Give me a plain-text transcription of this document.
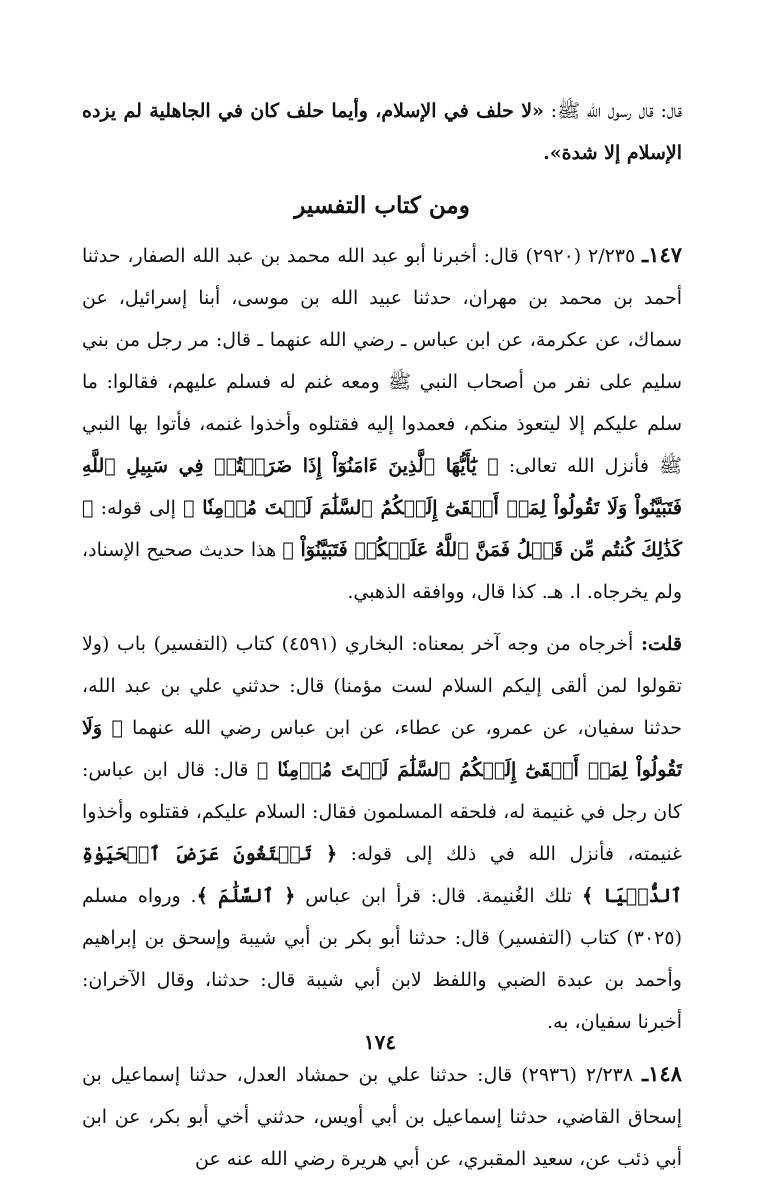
قال: قال رسول الله ﷺ: «لا حلف في الإسلام، وأيما حلف كان في الجاهلية لم يزده الإسلام إلا شدة».

ومن كتاب التفسير

١٤٧ـ ٢/٢٣٥ (٢٩٢٠) قال: أخبرنا أبو عبد الله محمد بن عبد الله الصفار، حدثنا أحمد بن محمد بن مهران، حدثنا عبيد الله بن موسى، أبنا إسرائيل، عن سماك، عن عكرمة، عن ابن عباس ـ رضي الله عنهما ـ قال: مر رجل من بني سليم على نفر من أصحاب النبي ﷺ ومعه غنم له فسلم عليهم، فقالوا: ما سلم عليكم إلا ليتعوذ منكم، فعمدوا إليه فقتلوه وأخذوا غنمه، فأتوا بها النبي ﷺ فأنزل الله تعالى: ﴿ يَٰٓأَيُّهَا ٱلَّذِينَ ءَامَنُوٓاْ إِذَا ضَرَبۡتُمۡ فِي سَبِيلِ ٱللَّهِ فَتَبَيَّنُواْ وَلَا تَقُولُواْ لِمَنۡ أَلۡقَىٰٓ إِلَيۡكُمُ ٱلسَّلَٰمَ لَسۡتَ مُؤۡمِنٗا ﴾ إلى قوله: ﴿ كَذَٰلِكَ كُنتُم مِّن قَبۡلُ فَمَنَّ ٱللَّهُ عَلَيۡكُمۡ فَتَبَيَّنُوٓاْ ﴾ هذا حديث صحيح الإسناد، ولم يخرجاه. ا. هـ. كذا قال، ووافقه الذهبي.

قلت: أخرجاه من وجه آخر بمعناه: البخاري (٤٥٩١) كتاب (التفسير) باب (ولا تقولوا لمن ألقى إليكم السلام لست مؤمنا) قال: حدثني علي بن عبد الله، حدثنا سفيان، عن عمرو، عن عطاء، عن ابن عباس رضي الله عنهما ﴿ وَلَا تَقُولُواْ لِمَنۡ أَلۡقَىٰٓ إِلَيۡكُمُ ٱلسَّلَٰمَ لَسۡتَ مُؤۡمِنٗا ﴾ قال: قال ابن عباس: كان رجل في غنيمة له، فلحقه المسلمون فقال: السلام عليكم، فقتلوه وأخذوا غنيمته، فأنزل الله في ذلك إلى قوله: ﴿ تَبۡتَغُونَ عَرَضَ ٱلۡحَيَوٰةِ ٱلدُّنۡيَا ﴾ تلك الغُنيمة. قال: قرأ ابن عباس ﴿ ٱلسَّلَٰمَ ﴾. ورواه مسلم (٣٠٢٥) كتاب (التفسير) قال: حدثنا أبو بكر بن أبي شيبة وإسحق بن إبراهيم وأحمد بن عبدة الضبي واللفظ لابن أبي شيبة قال: حدثنا، وقال الآخران: أخبرنا سفيان، به.

١٤٨ـ ٢/٢٣٨ (٢٩٣٦) قال: حدثنا علي بن حمشاد العدل، حدثنا إسماعيل بن إسحاق القاضي، حدثنا إسماعيل بن أبي أويس، حدثني أخي أبو بكر، عن ابن أبي ذئب عن، سعيد المقبري، عن أبي هريرة رضي الله عنه عن

١٧٤
